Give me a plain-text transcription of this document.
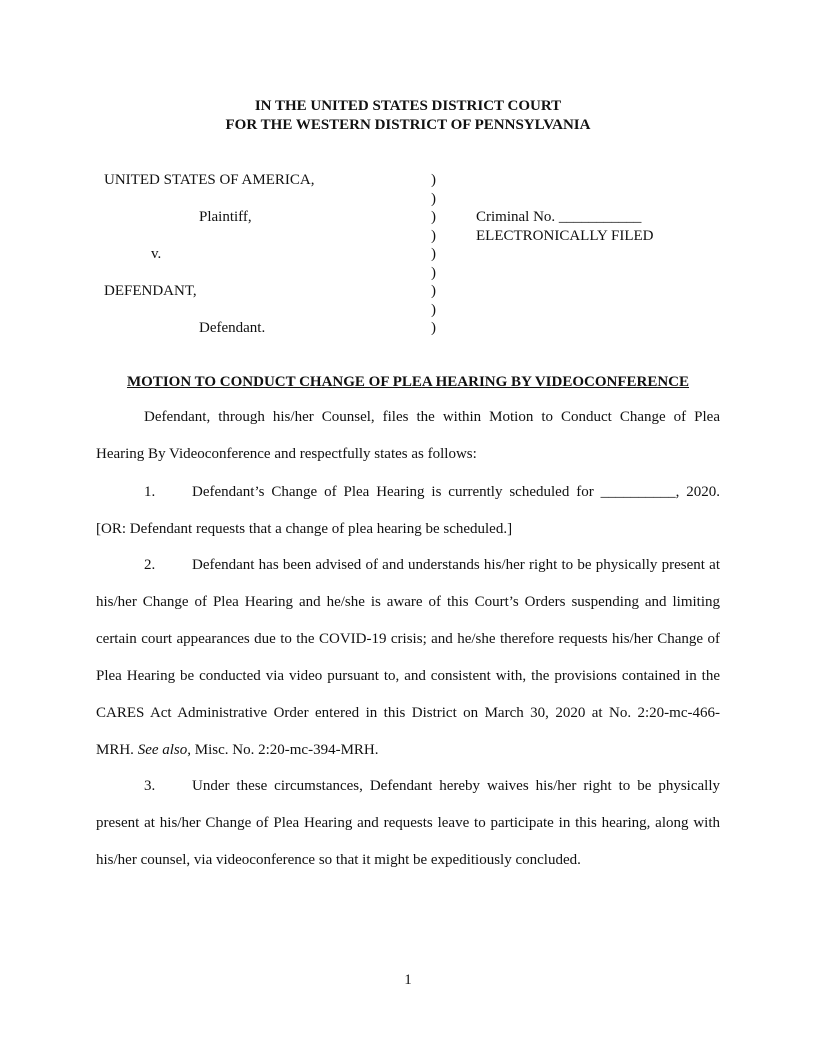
IN THE UNITED STATES DISTRICT COURT
FOR THE WESTERN DISTRICT OF PENNSYLVANIA
UNITED STATES OF AMERICA,
Plaintiff,
v.
DEFENDANT,
Defendant.
)
)
)
)
)
)
)
)
)
Criminal No. ___________
ELECTRONICALLY FILED
MOTION TO CONDUCT CHANGE OF PLEA HEARING BY VIDEOCONFERENCE

Defendant, through his/her Counsel, files the within Motion to Conduct Change of Plea Hearing By Videoconference and respectfully states as follows:

1. Defendant’s Change of Plea Hearing is currently scheduled for __________, 2020. [OR: Defendant requests that a change of plea hearing be scheduled.]

2. Defendant has been advised of and understands his/her right to be physically present at his/her Change of Plea Hearing and he/she is aware of this Court’s Orders suspending and limiting certain court appearances due to the COVID-19 crisis; and he/she therefore requests his/her Change of Plea Hearing be conducted via video pursuant to, and consistent with, the provisions contained in the CARES Act Administrative Order entered in this District on March 30, 2020 at No. 2:20-mc-466-MRH. See also, Misc. No. 2:20-mc-394-MRH.

3. Under these circumstances, Defendant hereby waives his/her right to be physically present at his/her Change of Plea Hearing and requests leave to participate in this hearing, along with his/her counsel, via videoconference so that it might be expeditiously concluded.

1
